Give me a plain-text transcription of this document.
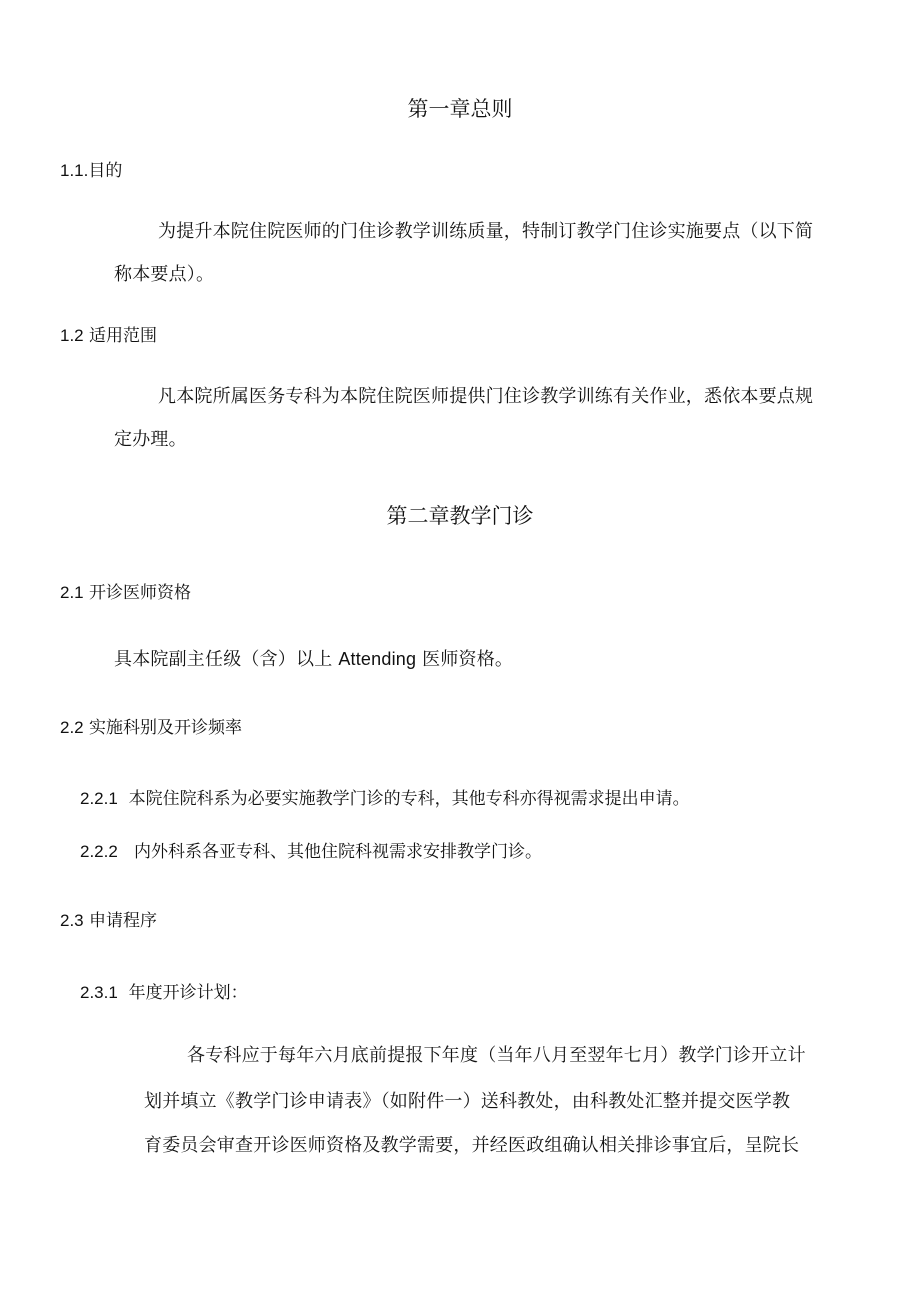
第一章总则
1.1.目的
为提升本院住院医师的门住诊教学训练质量，特制订教学门住诊实施要点（以下简
称本要点）。
1.2 适用范围
凡本院所属医务专科为本院住院医师提供门住诊教学训练有关作业，悉依本要点规
定办理。
第二章教学门诊
2.1 开诊医师资格
具本院副主任级（含）以上 Attending 医师资格。
2.2 实施科别及开诊频率
2.2.1 本院住院科系为必要实施教学门诊的专科，其他专科亦得视需求提出申请。
2.2.2 内外科系各亚专科、其他住院科视需求安排教学门诊。
2.3 申请程序
2.3.1 年度开诊计划：
各专科应于每年六月底前提报下年度（当年八月至翌年七月）教学门诊开立计
划并填立《教学门诊申请表》（如附件一）送科教处，由科教处汇整并提交医学教
育委员会审查开诊医师资格及教学需要，并经医政组确认相关排诊事宜后，呈院长
